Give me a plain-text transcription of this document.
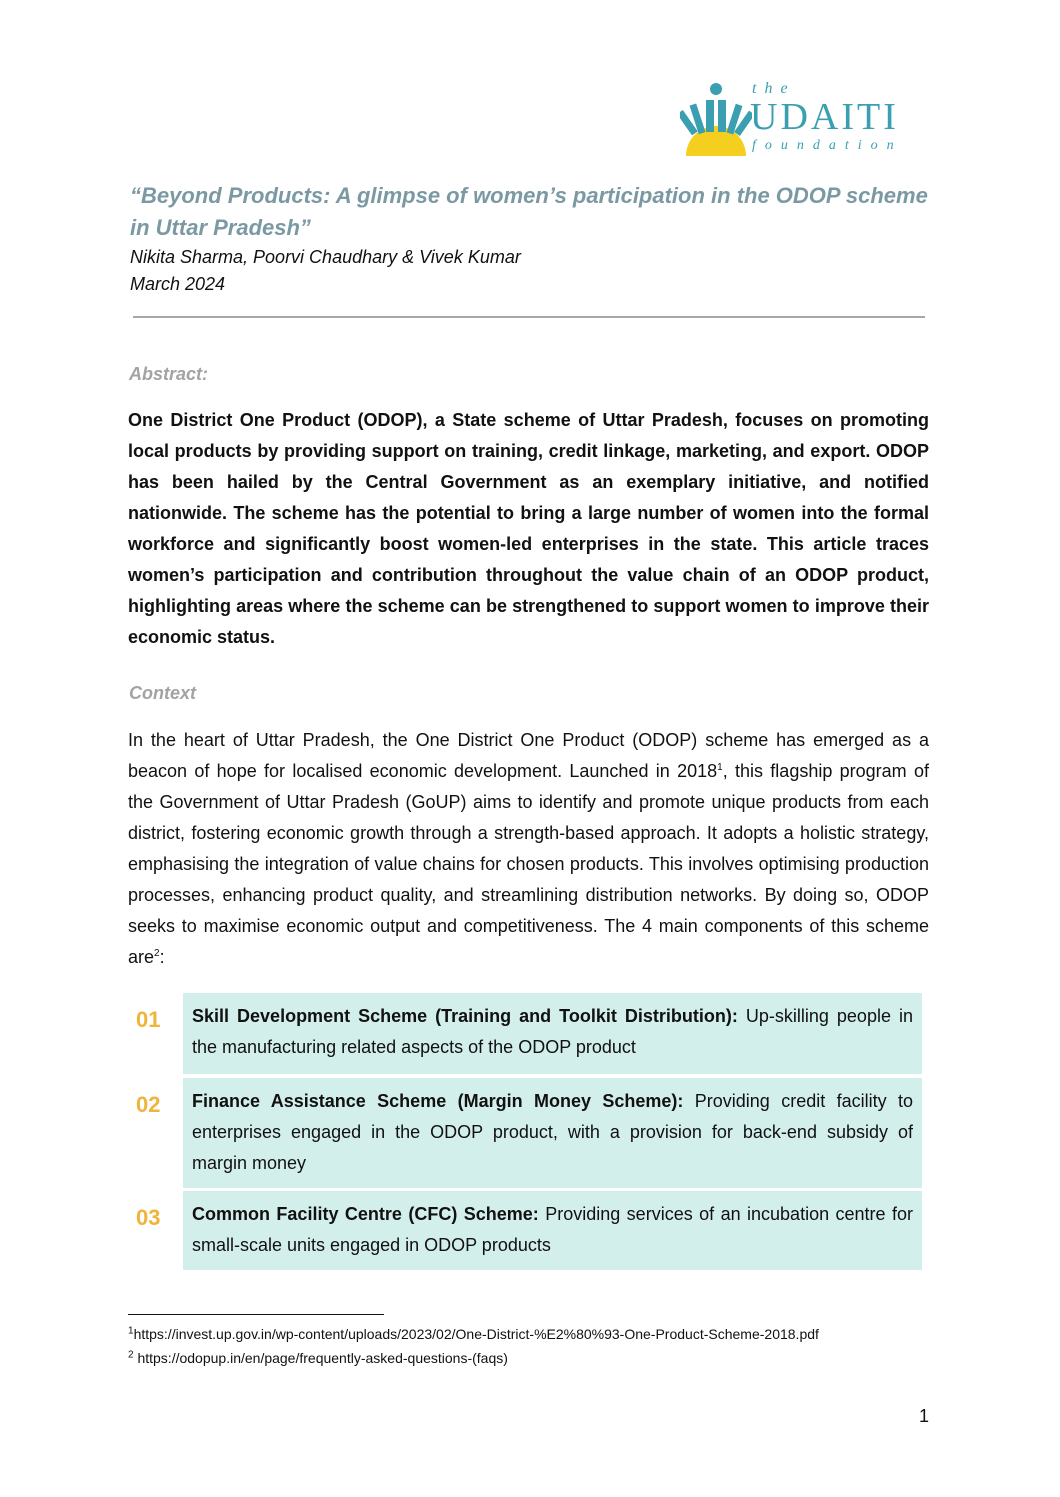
the
UDAITI
foundation
“Beyond Products: A glimpse of women’s participation in the ODOP scheme in Uttar Pradesh”
Nikita Sharma, Poorvi Chaudhary & Vivek Kumar
March 2024
Abstract:
One District One Product (ODOP), a State scheme of Uttar Pradesh, focuses on promoting local products by providing support on training, credit linkage, marketing, and export. ODOP has been hailed by the Central Government as an exemplary initiative, and notified nationwide. The scheme has the potential to bring a large number of women into the formal workforce and significantly boost women-led enterprises in the state. This article traces women’s participation and contribution throughout the value chain of an ODOP product, highlighting areas where the scheme can be strengthened to support women to improve their economic status.
Context
In the heart of Uttar Pradesh, the One District One Product (ODOP) scheme has emerged as a beacon of hope for localised economic development. Launched in 2018$^1$, this flagship program of the Government of Uttar Pradesh (GoUP) aims to identify and promote unique products from each district, fostering economic growth through a strength-based approach. It adopts a holistic strategy, emphasising the integration of value chains for chosen products. This involves optimising production processes, enhancing product quality, and streamlining distribution networks. By doing so, ODOP seeks to maximise economic output and competitiveness. The 4 main components of this scheme are$^2$:
01	Skill Development Scheme (Training and Toolkit Distribution): Up-skilling people in the manufacturing related aspects of the ODOP product
02	Finance Assistance Scheme (Margin Money Scheme): Providing credit facility to enterprises engaged in the ODOP product, with a provision for back-end subsidy of margin money
03	Common Facility Centre (CFC) Scheme: Providing services of an incubation centre for small-scale units engaged in ODOP products
$^1$https://invest.up.gov.in/wp-content/uploads/2023/02/One-District-%E2%80%93-One-Product-Scheme-2018.pdf
$^2$ https://odopup.in/en/page/frequently-asked-questions-(faqs)
1
